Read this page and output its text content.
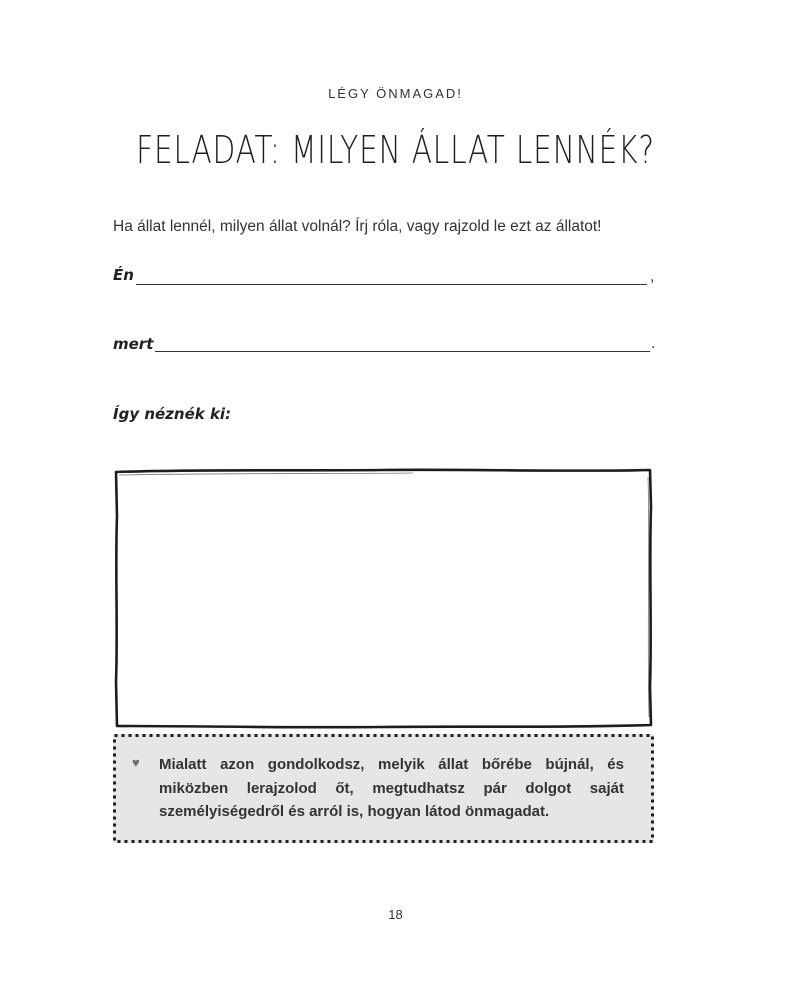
LÉGY ÖNMAGAD!
FELADAT: MILYEN ÁLLAT LENNÉK?
Ha állat lennél, milyen állat volnál? Írj róla, vagy rajzold le ezt az állatot!
Én	,
mert	.
Így néznék ki:
♥ Mialatt azon gondolkodsz, melyik állat bőrébe bújnál, és miközben lerajzolod őt, megtudhatsz pár dolgot saját személyiségedről és arról is, hogyan látod önmagadat.
18
